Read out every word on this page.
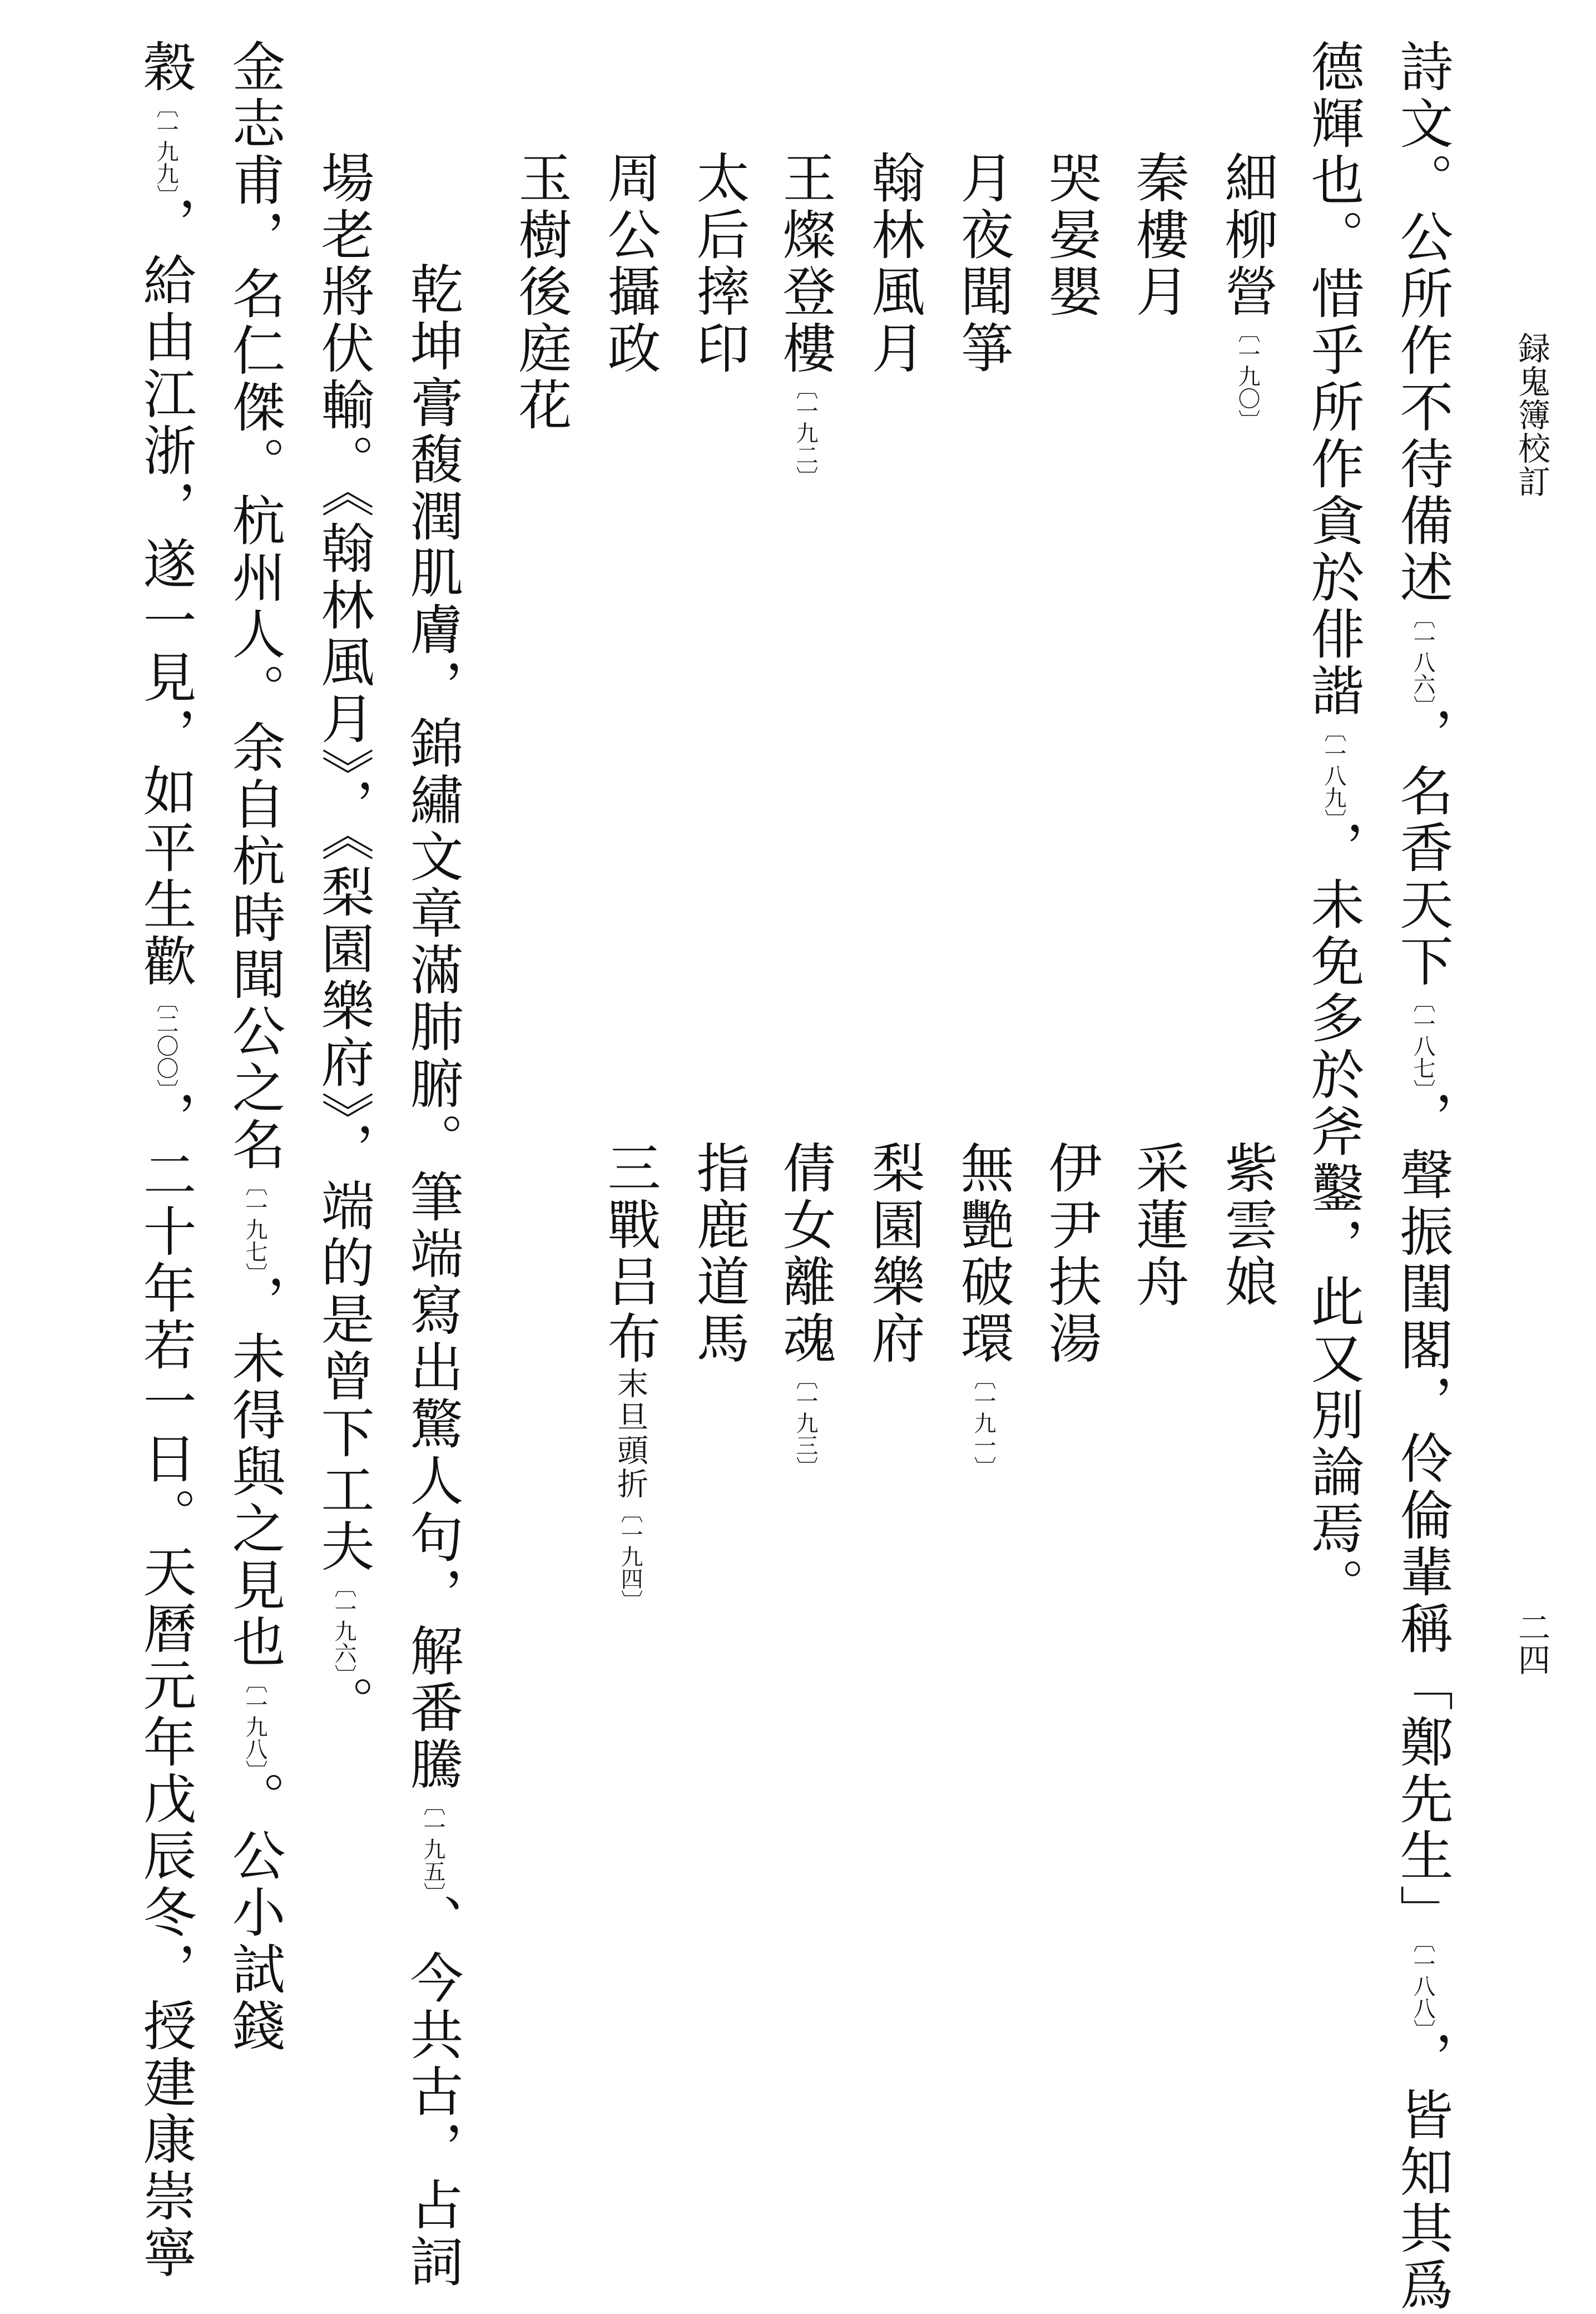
録鬼簿校訂
二四
詩文。公所作不待備述〔一八六〕，名香天下〔一八七〕，聲振閨閣，伶倫輩稱「鄭先生」〔一八八〕，皆知其爲
德輝也。惜乎所作貪於俳諧〔一八九〕，未免多於斧鑿，此又別論焉。
細柳營〔一九〇〕
秦樓月
哭晏嬰
月夜聞箏
翰林風月
王燦登樓〔一九二〕
太后摔印
周公攝政
玉樹後庭花
紫雲娘
采蓮舟
伊尹扶湯
無艷破環〔一九一〕
梨園樂府
倩女離魂〔一九三〕
指鹿道馬
三戰吕布末旦頭折〔一九四〕
乾坤膏馥潤肌膚，錦繡文章滿肺腑。筆端寫出驚人句，解番騰〔一九五〕、今共古，占詞
場老將伏輸。《翰林風月》，《梨園樂府》，端的是曾下工夫〔一九六〕。
金志甫，名仁傑。杭州人。余自杭時聞公之名〔一九七〕，未得與之見也〔一九八〕。公小試錢
穀〔一九九〕，給由江浙，遂一見，如平生歡〔二〇〇〕，二十年若一日。天曆元年戊辰冬，授建康崇寧
